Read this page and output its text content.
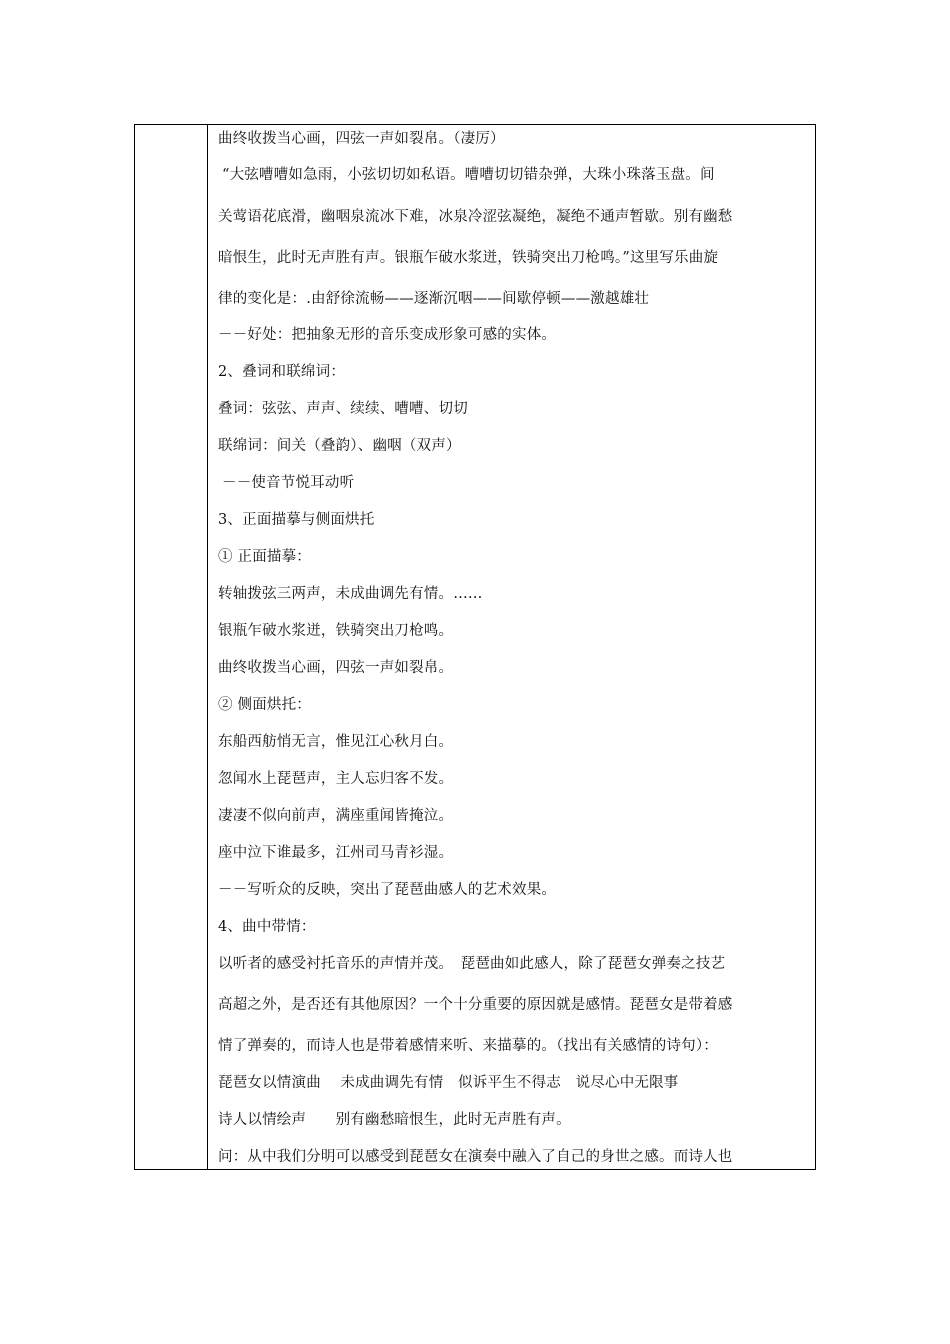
曲终收拨当心画，四弦一声如裂帛。（凄厉）
“大弦嘈嘈如急雨，小弦切切如私语。嘈嘈切切错杂弹，大珠小珠落玉盘。间
关莺语花底滑，幽咽泉流冰下难，冰泉冷涩弦凝绝，凝绝不通声暂歇。别有幽愁
暗恨生，此时无声胜有声。银瓶乍破水浆迸，铁骑突出刀枪鸣。”这里写乐曲旋
律的变化是：.由舒徐流畅——逐渐沉咽——间歇停顿——激越雄壮
－－好处：把抽象无形的音乐变成形象可感的实体。
2、叠词和联绵词：
叠词：弦弦、声声、续续、嘈嘈、切切
联绵词：间关（叠韵）、幽咽（双声）
－－使音节悦耳动听
3、正面描摹与侧面烘托
① 正面描摹：
转轴拨弦三两声，未成曲调先有情。……
银瓶乍破水浆迸，铁骑突出刀枪鸣。
曲终收拨当心画，四弦一声如裂帛。
② 侧面烘托：
东船西舫悄无言，惟见江心秋月白。
忽闻水上琵琶声，主人忘归客不发。
凄凄不似向前声，满座重闻皆掩泣。
座中泣下谁最多，江州司马青衫湿。
－－写听众的反映，突出了琵琶曲感人的艺术效果。
4、曲中带情：
以听者的感受衬托音乐的声情并茂。　琵琶曲如此感人，除了琵琶女弹奏之技艺
高超之外，是否还有其他原因？一个十分重要的原因就是感情。琵琶女是带着感
情了弹奏的，而诗人也是带着感情来听、来描摹的。（找出有关感情的诗句）：
琵琶女以情演曲　 未成曲调先有情　似诉平生不得志　说尽心中无限事
诗人以情绘声　　别有幽愁暗恨生，此时无声胜有声。
问：从中我们分明可以感受到琵琶女在演奏中融入了自己的身世之感。而诗人也
